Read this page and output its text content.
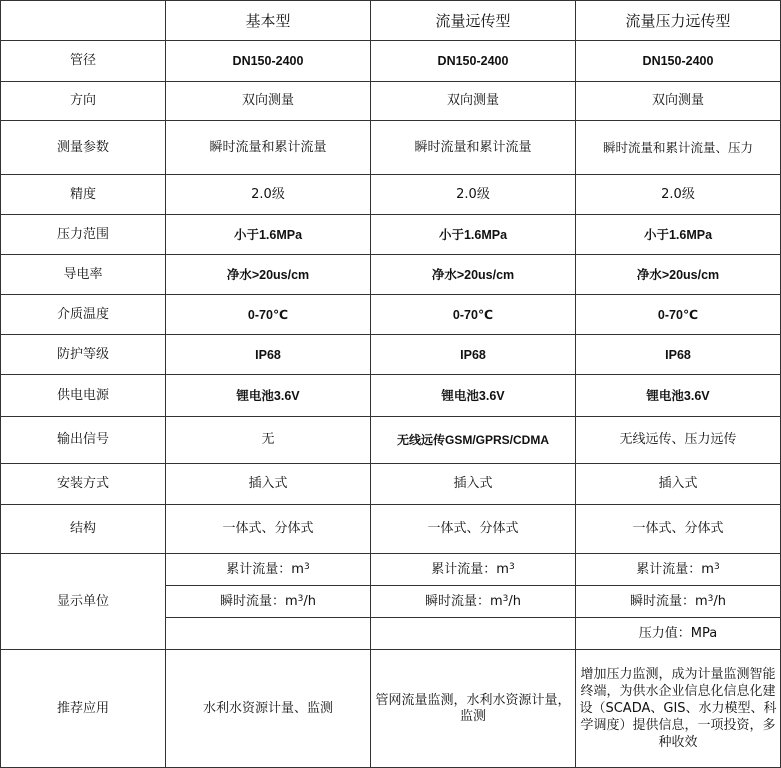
	基本型	流量远传型	流量压力远传型
管径	DN150-2400	DN150-2400	DN150-2400
方向	双向测量	双向测量	双向测量
测量参数	瞬时流量和累计流量	瞬时流量和累计流量	瞬时流量和累计流量、压力
精度	2.0级	2.0级	2.0级
压力范围	小于1.6MPa	小于1.6MPa	小于1.6MPa
导电率	净水>20us/cm	净水>20us/cm	净水>20us/cm
介质温度	0-70℃	0-70℃	0-70℃
防护等级	IP68	IP68	IP68
供电电源	锂电池3.6V	锂电池3.6V	锂电池3.6V
输出信号	无	无线远传GSM/GPRS/CDMA	无线远传、压力远传
安装方式	插入式	插入式	插入式
结构	一体式、分体式	一体式、分体式	一体式、分体式
显示单位	累计流量：$m^3$	累计流量：$m^3$	累计流量：$m^3$
	瞬时流量：$m^3/h$	瞬时流量：$m^3/h$	瞬时流量：$m^3/h$
			压力值：MPa
推荐应用	水利水资源计量、监测	管网流量监测，水利水资源计量，监测	增加压力监测，成为计量监测智能终端，为供水企业信息化信息化建设（SCADA、GIS、水力模型、科学调度）提供信息，一项投资，多种收效
